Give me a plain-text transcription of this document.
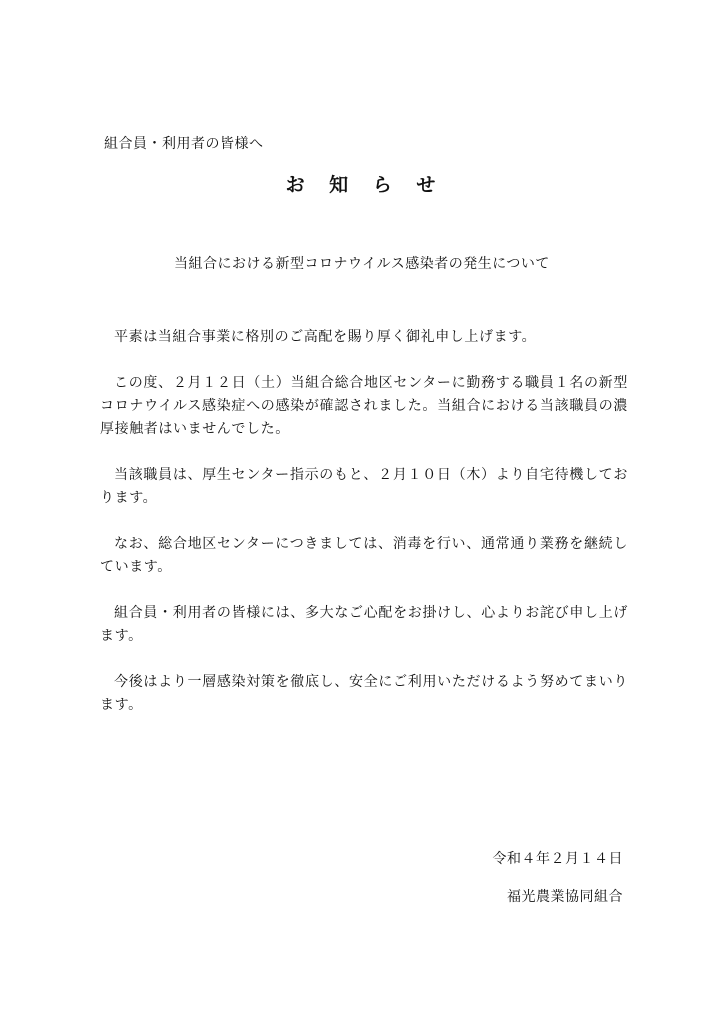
組合員・利用者の皆様へ
お 知 ら せ
当組合における新型コロナウイルス感染者の発生について

平素は当組合事業に格別のご高配を賜り厚く御礼申し上げます。

この度、２月１２日（土）当組合総合地区センターに勤務する職員１名の新型コロナウイルス感染症への感染が確認されました。当組合における当該職員の濃厚接触者はいませんでした。

当該職員は、厚生センター指示のもと、２月１０日（木）より自宅待機しております。

なお、総合地区センターにつきましては、消毒を行い、通常通り業務を継続しています。

組合員・利用者の皆様には、多大なご心配をお掛けし、心よりお詫び申し上げます。

今後はより一層感染対策を徹底し、安全にご利用いただけるよう努めてまいります。

令和４年２月１４日
福光農業協同組合
